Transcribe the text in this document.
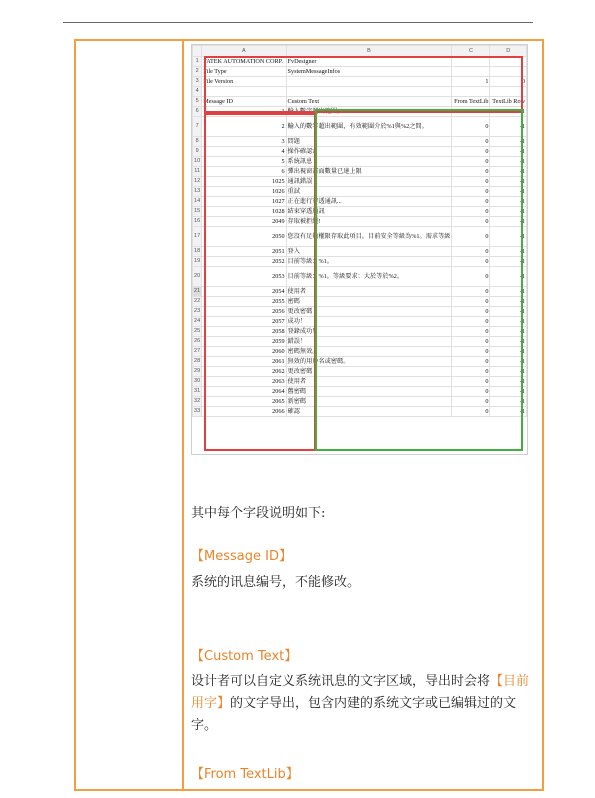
	A	B	C	D
1	FATEK AUTOMATION CORP.	FvDesigner		
2	File Type	SystemMessageInfos		
3	File Version		1	0
4				
5	Message ID	Custom Text	From TextLib	TextLib Row
6	1	輸入數字超出範圍。	0	-1
7	2	輸入的數字超出範圍，有效範圍介於%1與%2之間。	0	-1
8	3	問題	0	-1
9	4	操作確認?	0	-1
10	5	系統訊息	0	-1
11	6	彈出視窗畫面數量已達上限	0	-1
12	1025	通訊錯誤	0	-1
13	1026	重試	0	-1
14	1027	正在進行穿透通訊...	0	-1
15	1028	結束穿透通訊	0	-1
16	2049	存取被拒絕!	0	-1
17	2050	您沒有足夠權限存取此項目。目前安全等級為%1。需求等級	0	-1
18	2051	登入	0	-1
19	2052	目前等級：%1。	0	-1
20	2053	目前等級：%1。等級要求：大於等於%2。	0	-1
21	2054	使用者	0	-1
22	2055	密碼	0	-1
23	2056	更改密碼	0	-1
24	2057	成功！	0	-1
25	2058	登錄成功！	0	-1
26	2059	錯誤！	0	-1
27	2060	密碼無效。	0	-1
28	2061	無效的用戶名或密碼。	0	-1
29	2062	更改密碼	0	-1
30	2063	使用者	0	-1
31	2064	舊密碼	0	-1
32	2065	新密碼	0	-1
33	2066	確認	0	-1
其中每个字段说明如下:
【Message ID】
系统的讯息编号，不能修改。
【Custom Text】
设计者可以自定义系统讯息的文字区域，导出时会将【目前用字】的文字导出，包含内建的系统文字或已编辑过的文字。
【From TextLib】
